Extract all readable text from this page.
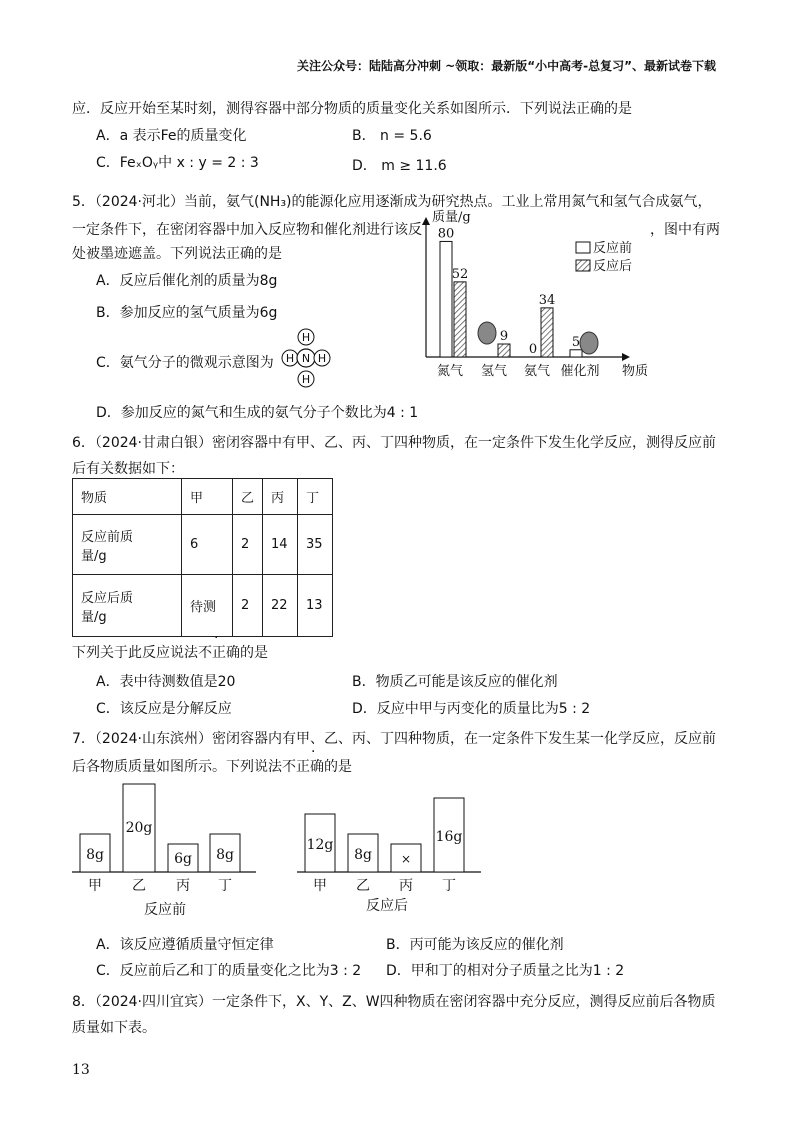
关注公众号：陆陆高分冲刺 ~领取：最新版“小中高考-总复习”、最新试卷下载
应．反应开始至某时刻，测得容器中部分物质的质量变化关系如图所示．下列说法正确的是
A．a 表示Fe的质量变化	B． n = 5.6
C．FeₓOᵧ中 x : y = 2 : 3	D． m ≥ 11.6
5．（2024·河北）当前，氨气(NH₃)的能源化应用逐渐成为研究热点。工业上常用氮气和氢气合成氨气，
一定条件下，在密闭容器中加入反应物和催化剂进行该反	，图中有两
处被墨迹遮盖。下列说法正确的是
A．反应后催化剂的质量为8g
B．参加反应的氢气质量为6g
C．氨气分子的微观示意图为
D．参加反应的氮气和生成的氨气分子个数比为4 : 1
H
H N H
H
质量/g
物质
反应前
反应后
80
0	5
52
9
34
氮气 氢气 氨气 催化剂
6．（2024·甘肃白银）密闭容器中有甲、乙、丙、丁四种物质，在一定条件下发生化学反应，测得反应前
后有关数据如下：
物质	甲	乙	丙	丁
反应前质
量/g	6	2	14	35
反应后质
量/g	待测	2	22	13
下列关于此反应说法不正确的是
·
A．表中待测数值是20	B．物质乙可能是该反应的催化剂
C．该反应是分解反应	D．反应中甲与丙变化的质量比为5 : 2
7．（2024·山东滨州）密闭容器内有甲、乙、丙、丁四种物质，在一定条件下发生某一化学反应，反应前
后各物质质量如图所示。下列说法不正确的是
·
8g
20g
6g 8g
甲 乙 丙 丁
反应前
12g
8g ×
16g
甲 乙 丙 丁
反应后
A．该反应遵循质量守恒定律	B．丙可能为该反应的催化剂
C．反应前后乙和丁的质量变化之比为3 : 2 D．甲和丁的相对分子质量之比为1 : 2
8．（2024·四川宜宾）一定条件下，X、Y、Z、W四种物质在密闭容器中充分反应，测得反应前后各物质
质量如下表。
13
